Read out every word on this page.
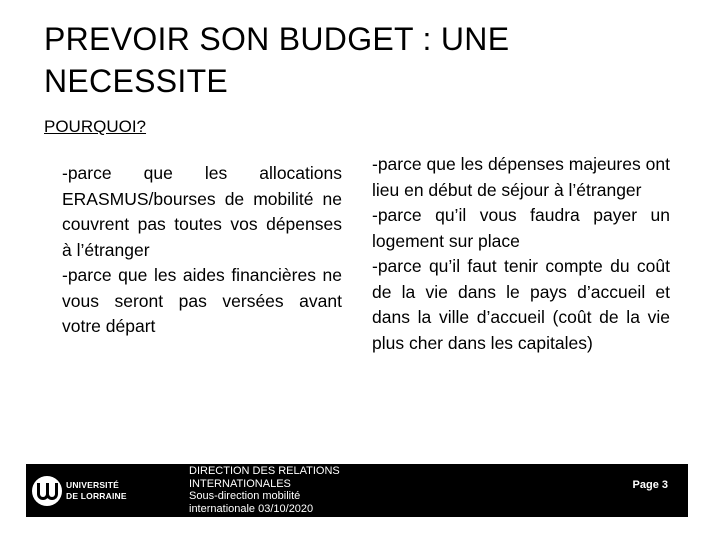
PREVOIR SON BUDGET : UNE NECESSITE
POURQUOI?

-parce que les allocations ERASMUS/bourses de mobilité ne couvrent pas toutes vos dépenses à l’étranger

-parce que les aides financières ne vous seront pas versées avant votre départ

-parce que les dépenses majeures ont lieu en début de séjour à l’étranger

-parce qu’il vous faudra payer un logement sur place

-parce qu’il faut tenir compte du coût de la vie dans le pays d’accueil et dans la ville d’accueil (coût de la vie plus cher dans les capitales)

UNIVERSITÉ
DE LORRAINE
DIRECTION DES RELATIONS
INTERNATIONALES
Sous-direction mobilité
internationale 03/10/2020
Page 3
